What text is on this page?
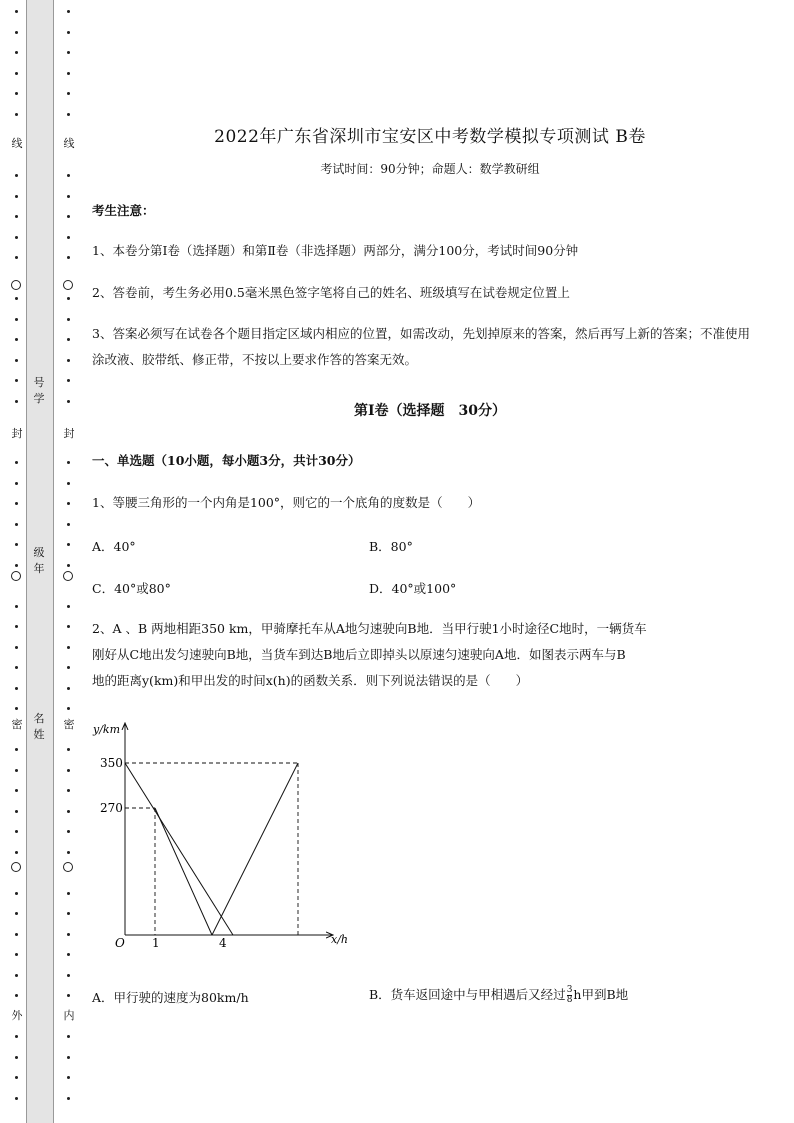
线
封
密
外
线
封
密
内
号学
级年
名姓
2022年广东省深圳市宝安区中考数学模拟专项测试 B卷
考试时间：90分钟；命题人：数学教研组
考生注意：
1、本卷分第Ⅰ卷（选择题）和第Ⅱ卷（非选择题）两部分，满分100分，考试时间90分钟
2、答卷前，考生务必用0.5毫米黑色签字笔将自己的姓名、班级填写在试卷规定位置上
3、答案必须写在试卷各个题目指定区域内相应的位置，如需改动，先划掉原来的答案，然后再写上新的答案；不准使用涂改液、胶带纸、修正带，不按以上要求作答的答案无效。
第Ⅰ卷（选择题　30分）
一、单选题（10小题，每小题3分，共计30分）
1、等腰三角形的一个内角是100°，则它的一个底角的度数是（　　）
A．40°	B．80°
C．40°或80°	D．40°或100°
2、A 、B 两地相距350 km，甲骑摩托车从A地匀速驶向B地．当甲行驶1小时途径C地时，一辆货车
刚好从C地出发匀速驶向B地，当货车到达B地后立即掉头以原速匀速驶向A地．如图表示两车与B
地的距离y(km)和甲出发的时间x(h)的函数关系．则下列说法错误的是（　　）
y/km
x/h
O
350
270
1	4
A．甲行驶的速度为80km/h	B．货车返回途中与甲相遇后又经过 $\frac{3}{8}$ h甲到B地
